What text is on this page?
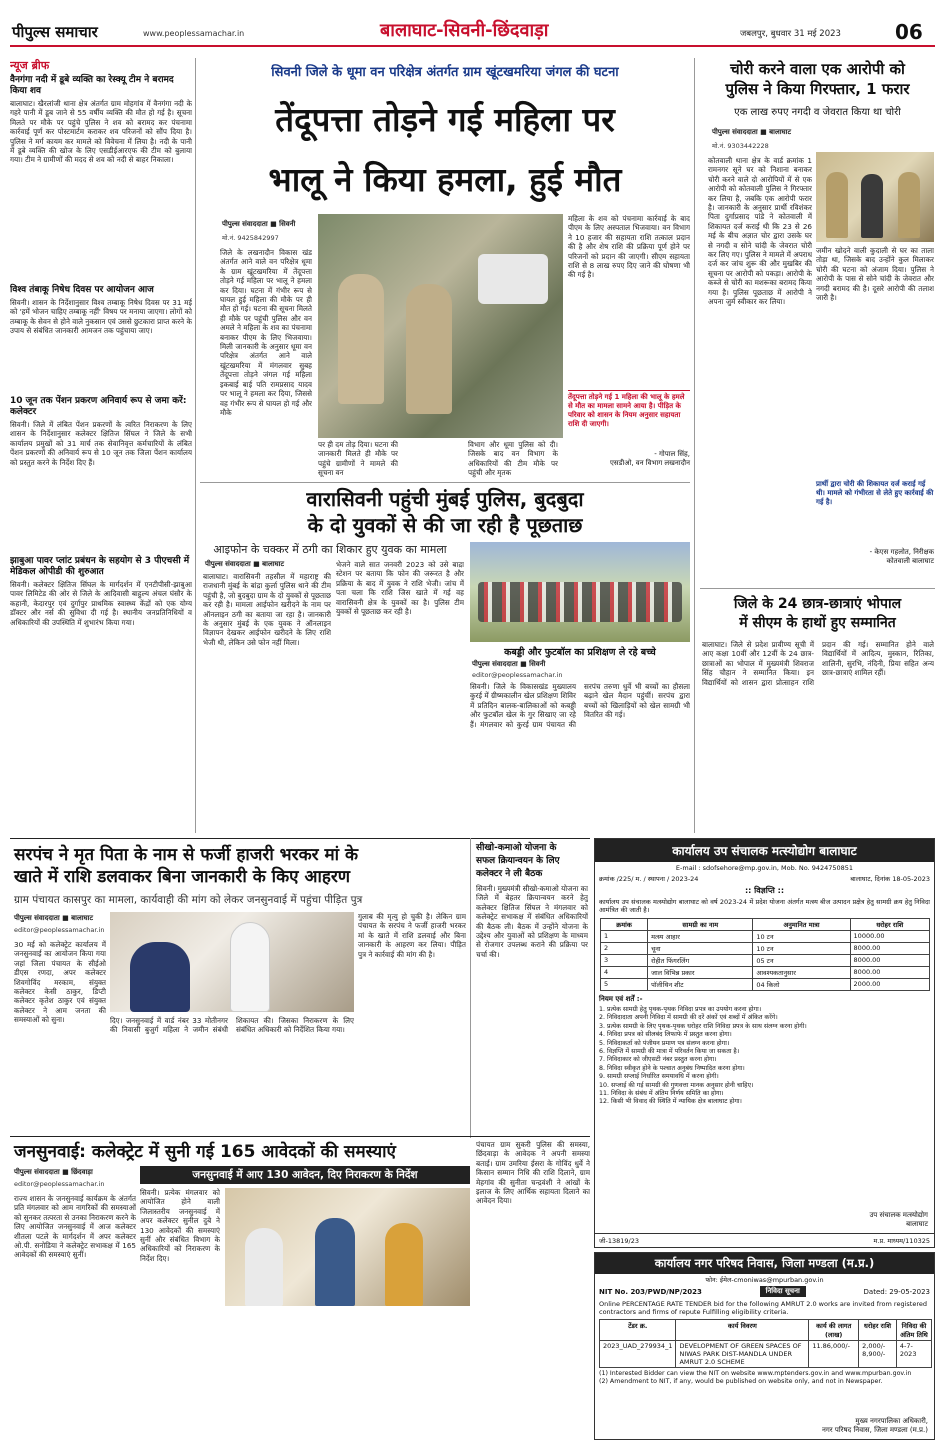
पीपुल्स समाचार	www.peoplessamachar.in	बालाघाट-सिवनी-छिंदवाड़ा	जबलपुर, बुधवार 31 मई 2023	06
न्यूज ब्रीफ
वैनगंगा नदी में डूबे व्यक्ति का रेस्क्यू टीम ने बरामद किया शव
बालाघाट। खैरलांजी थाना क्षेत्र अंतर्गत ग्राम मोहगांव में वैनगंगा नदी के गहरे पानी में डूब जाने से 55 वर्षीय व्यक्ति की मौत हो गई है। सूचना मिलते पर मौके पर पहुंचे पुलिस ने शव को बरामद कर पंचनामा कार्रवाई पूर्ण कर पोस्टमार्टम कराकर शव परिजनों को सौंप दिया है। पुलिस ने मर्ग कायम कर मामले को विवेचना में लिया है। नदी के पानी में डूबे व्यक्ति की खोज के लिए एसडीईआरएफ की टीम को बुलाया गया। टीम ने ग्रामीणों की मदद से शव को नदी से बाहर निकाला।
विश्व तंबाकू निषेध दिवस पर आयोजन आज
सिवनी। शासन के निर्देशानुसार विश्व तम्बाकू निषेध दिवस पर 31 मई को 'हमें भोजन चाहिए तम्बाकू नहीं' विषय पर मनाया जाएगा। लोगों को तम्बाकू के सेवन से होने वाले नुकसान एवं उससे छुटकारा प्राप्त करने के उपाय से संबंधित जानकारी आमजन तक पहुंचाया जाए।
10 जून तक पेंशन प्रकरण अनिवार्य रूप से जमा करें: कलेक्टर
सिवनी। जिले में लंबित पेंशन प्रकरणों के त्वरित निराकरण के लिए शासन के निर्देशानुसार कलेक्टर क्षितिज सिंघल ने जिले के सभी कार्यालय प्रमुखों को 31 मार्च तक सेवानिवृत्त कर्मचारियों के लंबित पेंशन प्रकरणों की अनिवार्य रूप से 10 जून तक जिला पेंशन कार्यालय को प्रस्तुत करने के निर्देश दिए हैं।
झाबुआ पावर प्लांट प्रबंधन के सहयोग से 3 पीएचसी में मेडिकल ओपीडी की शुरुआत
सिवनी। कलेक्टर क्षितिज सिंघल के मार्गदर्शन में एनटीपीसी-झाबुआ पावर लिमिटेड की ओर से जिले के आदिवासी बाहुल्य अंचल घंसौर के कहानी, केदारपुर एवं दुर्गापुर प्राथमिक स्वास्थ्य केंद्रों को एक योग्य डॉक्टर और नर्स की सुविधा दी गई है। स्थानीय जनप्रतिनिधियों व अधिकारियों की उपस्थिति में शुभारंभ किया गया।
सिवनी जिले के धूमा वन परिक्षेत्र अंतर्गत ग्राम खूंटखमरिया जंगल की घटना
तेंदूपत्ता तोड़ने गई महिला पर
भालू ने किया हमला, हुई मौत
पीपुल्स संवाददाता ■ सिवनी
मो.नं. 9425842997
जिले के लखनादौन विकास खंड अंतर्गत आने वाले वन परिक्षेत्र धूमा के ग्राम खूंटखमरिया में तेंदूपत्ता तोड़ने गई महिला पर भालू ने हमला कर दिया। घटना में गंभीर रूप से घायल हुई महिला की मौके पर ही मौत हो गई। घटना की सूचना मिलते ही मौके पर पहुंची पुलिस और वन अमले ने महिला के शव का पंचनामा बनाकर पीएम के लिए भिजवाया। मिली जानकारी के अनुसार धूमा वन परिक्षेत्र अंतर्गत आने वाले खूंटखमरिया में मंगलवार सुबह तेंदूपत्ता तोड़ने जंगल गई महिला इकबाई बाई पति रामप्रसाद यादव पर भालू ने हमला कर दिया, जिससे वह गंभीर रूप से घायल हो गई और मौके
पर ही दम तोड़ दिया। घटना की जानकारी मिलते ही मौके पर पहुंचे ग्रामीणों ने मामले की सूचना वन
विभाग और धूमा पुलिस को दी। जिसके बाद वन विभाग के अधिकारियों की टीम मौके पर पहुंची और मृतक
महिला के शव को पंचनामा कार्रवाई के बाद पीएम के लिए अस्पताल भिजवाया। वन विभाग ने 10 हजार की सहायता राशि तत्काल प्रदान की है और शेष राशि की प्रक्रिया पूर्ण होने पर परिजनों को प्रदान की जाएगी। सीएम सहायता राशि से 8 लाख रुपए दिए जाने की घोषणा भी की गई है।
तेंदूपत्ता तोड़ने गई 1 महिला की भालू के हमले से मौत का मामला सामने आया है। पीड़ित के परिवार को शासन के नियम अनुसार सहायता राशि दी जाएगी।
- गोपाल सिंह,
एसडीओ, वन विभाग लखनादौन
चोरी करने वाला एक आरोपी को
पुलिस ने किया गिरफ्तार, 1 फरार
एक लाख रुपए नगदी व जेवरात किया था चोरी
पीपुल्स संवाददाता ■ बालाघाट
मो.नं. 9303442228
कोतवाली थाना क्षेत्र के वार्ड क्रमांक 1 रामनगर सूने घर को निशाना बनाकर चोरी करने वाले दो आरोपियों में से एक आरोपी को कोतवाली पुलिस ने गिरफ्तार कर लिया है, जबकि एक आरोपी फरार है। जानकारी के अनुसार प्रार्थी रविशंकर पिता दुर्गाप्रसाद पांडे ने कोतवाली में शिकायत दर्ज कराई थी कि 23 से 26 मई के बीच अज्ञात चोर द्वारा उसके घर से नगदी व सोने चांदी के जेवरात चोरी कर लिए गए। पुलिस ने मामले में अपराध दर्ज कर जांच शुरू की और मुखबिर की सूचना पर आरोपी को पकड़ा। आरोपी के कब्जे से चोरी का मशरूका बरामद किया गया है। पुलिस पूछताछ में आरोपी ने अपना जुर्म स्वीकार कर लिया।
जमीन खोदने वाली कुदाली से घर का ताला तोड़ा था, जिसके बाद उन्होंने कुल मिलाकर चोरी की घटना को अंजाम दिया। पुलिस ने आरोपी के पास से सोने चांदी के जेवरात और नगदी बरामद की है। दूसरे आरोपी की तलाश जारी है।
प्रार्थी द्वारा चोरी की शिकायत दर्ज कराई गई थी। मामले को गंभीरता से लेते हुए कार्रवाई की गई है।
- केएस गहलोत, निरीक्षक
कोतवाली बालाघाट
वारासिवनी पहुंची मुंबई पुलिस, बुदबुदा
के दो युवकों से की जा रही है पूछताछ
आइफोन के चक्कर में ठगी का शिकार हुए युवक का मामला
पीपुल्स संवाददाता ■ बालाघाट
बालाघाट। वारासिवनी तहसील में महाराष्ट्र की राजधानी मुंबई के बांद्रा कुर्ला पुलिस थाने की टीम पहुंची है, जो बुदबुदा ग्राम के दो युवकों से पूछताछ कर रही है। मामला आईफोन खरीदने के नाम पर ऑनलाइन ठगी का बताया जा रहा है। जानकारी के अनुसार मुंबई के एक युवक ने ऑनलाइन विज्ञापन देखकर आईफोन खरीदने के लिए राशि भेजी थी, लेकिन उसे फोन नहीं मिला।
भेजने वाले सात जनवरी 2023 को उसे बाद्रा स्टेशन पर बताया कि फोन की जरूरत है और प्रक्रिया के बाद में युवक ने राशि भेजी। जांच में पता चला कि राशि जिस खाते में गई वह वारासिवनी क्षेत्र के युवकों का है। पुलिस टीम युवकों से पूछताछ कर रही है।
कबड्डी और फुटबॉल का प्रशिक्षण ले रहे बच्चे
पीपुल्स संवाददाता ■ सिवनी
editor@peoplessamachar.in
सिवनी। जिले के विकासखंड मुख्यालय कुरई में ग्रीष्मकालीन खेल प्रशिक्षण शिविर में प्रतिदिन बालक-बालिकाओं को कबड्डी और फुटबॉल खेल के गुर सिखाए जा रहे हैं। मंगलवार को कुरई ग्राम पंचायत की सरपंच तरुणा धुर्वे भी बच्चों का हौसला बढ़ाने खेल मैदान पहुंचीं। सरपंच द्वारा बच्चों को खिलाड़ियों को खेल सामग्री भी वितरित की गई।
जिले के 24 छात्र-छात्राएं भोपाल
में सीएम के हाथों हुए सम्मानित
बालाघाट। जिले से प्रदेश प्रावीण्य सूची में आए कक्षा 10वीं और 12वीं के 24 छात्र-छात्राओं का भोपाल में मुख्यमंत्री शिवराज सिंह चौहान ने सम्मानित किया। इन विद्यार्थियों को शासन द्वारा प्रोत्साहन राशि प्रदान की गई। सम्मानित होने वाले विद्यार्थियों में आदित्य, मुस्कान, रितिका, शालिनी, सुरभि, नंदिनी, प्रिया सहित अन्य छात्र-छात्राएं शामिल रहीं।
सरपंच ने मृत पिता के नाम से फर्जी हाजरी भरकर मां के
खाते में राशि डलवाकर बिना जानकारी के किए आहरण
ग्राम पंचायत कासपुर का मामला, कार्यवाही की मांग को लेकर जनसुनवाई में पहुंचा पीड़ित पुत्र
पीपुल्स संवाददाता ■ बालाघाट
editor@peoplessamachar.in
30 मई को कलेक्ट्रेट कार्यालय में जनसुनवाई का आयोजन किया गया जहां जिला पंचायत के सीईओ डीएस रणदा, अपर कलेक्टर शिवगोविंद मरकाम, संयुक्त कलेक्टर केसी ठाकुर, डिप्टी कलेक्टर कृतेश ठाकुर एवं संयुक्त कलेक्टर ने आम जनता की समस्याओं को सुना।	दिए। जनसुनवाई में वार्ड नंबर 33 मोतीनगर की निवासी बुजुर्ग महिला ने जमीन संबंधी शिकायत की। जिसका निराकरण के लिए संबंधित अधिकारी को निर्देशित किया गया।
गुलाब की मृत्यु हो चुकी है। लेकिन ग्राम पंचायत के सरपंच ने फर्जी हाजरी भरकर मां के खाते में राशि डलवाई और बिना जानकारी के आहरण कर लिया। पीड़ित पुत्र ने कार्रवाई की मांग की है।
सीखो-कमाओ योजना के
सफल क्रियान्वयन के लिए
कलेक्टर ने ली बैठक
सिवनी। मुख्यमंत्री सीखो-कमाओ योजना का जिले में बेहतर क्रियान्वयन करने हेतु कलेक्टर क्षितिज सिंघल ने मंगलवार को कलेक्ट्रेट सभाकक्ष में संबंधित अधिकारियों की बैठक ली। बैठक में उन्होंने योजना के उद्देश्य और युवाओं को प्रशिक्षण के माध्यम से रोजगार उपलब्ध कराने की प्रक्रिया पर चर्चा की।
कार्यालय उप संचालक मत्स्योद्योग बालाघाट
E-mail : sdofsehore@mp.gov.in, Mob. No. 9424750851
क्रमांक /225/ म. / स्थापना / 2023-24	बालाघाट, दिनांक 18-05-2023
:: विज्ञप्ति ::
कार्यालय उप संचालक मत्स्योद्योग बालाघाट को वर्ष 2023-24 में प्रदेश योजना अंतर्गत मत्स्य बीज उत्पादन प्रक्षेत्र हेतु सामग्री क्रय हेतु निविदा आमंत्रित की जाती है।
क्रमांक	सामग्री का नाम	अनुमानित मात्रा	धरोहर राशि
1	मत्स्य आहार	10 टन	10000.00
2	चूना	10 टन	8000.00
3	रोहीत फिंगरलिंग	05 टन	8000.00
4	जाल विभिन्न प्रकार	आवश्यकतानुसार	8000.00
5	पॉलीथिन शीट	04 किलो	2000.00
नियम एवं शर्तें :-
1. प्रत्येक सामग्री हेतु पृथक-पृथक निविदा प्रपत्र का उपयोग करना होगा।
2. निविदादाता अपनी निविदा में सामग्री की दरें अंकों एवं शब्दों में अंकित करेंगे।
3. प्रत्येक सामग्री के लिए पृथक-पृथक धरोहर राशि निविदा प्रपत्र के साथ संलग्न करना होगी।
4. निविदा प्रपत्र को सीलबंद लिफाफे में प्रस्तुत करना होगा।
5. निविदाकर्ता को पंजीयन प्रमाण पत्र संलग्न करना होगा।
6. विज्ञप्ति में सामग्री की मात्रा में परिवर्तन किया जा सकता है।
7. निविदाकार को जीएसटी नंबर प्रस्तुत करना होगा।
8. निविदा स्वीकृत होने के पश्चात अनुबंध निष्पादित करना होगा।
9. सामग्री सप्लाई निर्धारित समयावधि में करना होगी।
10. सप्लाई की गई सामग्री की गुणवत्ता मानक अनुसार होनी चाहिए।
11. निविदा के संबंध में अंतिम निर्णय समिति का होगा।
12. किसी भी विवाद की स्थिति में न्यायिक क्षेत्र बालाघाट होगा।
उप संचालक मत्स्योद्योग
बालाघाट
जी-13819/23	म.प्र. माध्यम/110325
जनसुनवाई: कलेक्ट्रेट में सुनी गई 165 आवेदकों की समस्याएं
पीपुल्स संवाददाता ■ छिंदवाड़ा
editor@peoplessamachar.in
राज्य शासन के जनसुनवाई कार्यक्रम के अंतर्गत प्रति मंगलवार को आम नागरिकों की समस्याओं को सुनकर तत्परता से उनका निराकरण करने के लिए आयोजित जनसुनवाई में आज कलेक्टर शीतला पटले के मार्गदर्शन में अपर कलेक्टर ओ.पी. सनोडिया ने कलेक्ट्रेट सभाकक्ष में 165 आवेदकों की समस्याएं सुनीं।
जनसुनवाई में आए 130 आवेदन, दिए निराकरण के निर्देश
सिवनी। प्रत्येक मंगलवार को आयोजित होने वाली जिलास्तरीय जनसुनवाई में अपर कलेक्टर सुनील दुबे ने 130 आवेदकों की समस्याएं सुनीं और संबंधित विभाग के अधिकारियों को निराकरण के निर्देश दिए।
पंचायत ग्राम सुकरी पुलिस की समस्या, छिंदवाड़ा के आवेदक ने अपनी समस्या बताई। ग्राम उमरिया ईसरा के गोविंद धुर्वे ने किसान सम्मान निधि की राशि दिलाने, ग्राम मेहगांव की सुनीता चन्द्रवंशी ने आंखों के इलाज के लिए आर्थिक सहायता दिलाने का आवेदन दिया।
कार्यालय नगर परिषद निवास, जिला मण्डला (म.प्र.)
फोन: ईमेल-cmoniwas@mpurban.gov.in
NIT No. 203/PWD/NP/2023	निविदा सूचना	Dated: 29-05-2023
Online PERCENTAGE RATE TENDER bid for the following AMRUT 2.0 works are invited from registered contractors and firms of repute Fulfilling eligibility criteria.
टेंडर क्र.	कार्य विवरण	कार्य की लागत (लाख)	धरोहर राशि	निविदा की अंतिम तिथि
2023_UAD_279934_1	DEVELOPMENT OF GREEN SPACES OF NIWAS PARK DIST-MANDLA UNDER AMRUT 2.0 SCHEME	11.86,000/-	2,000/- 8,900/-	4-7-2023
(1) Interested Bidder can view the NIT on website www.mptenders.gov.in and www.mpurban.gov.in
(2) Amendment to NIT, if any, would be published on website only, and not in Newspaper.
मुख्य नगरपालिका अधिकारी,
नगर परिषद निवास, जिला मण्डला (म.प्र.)
